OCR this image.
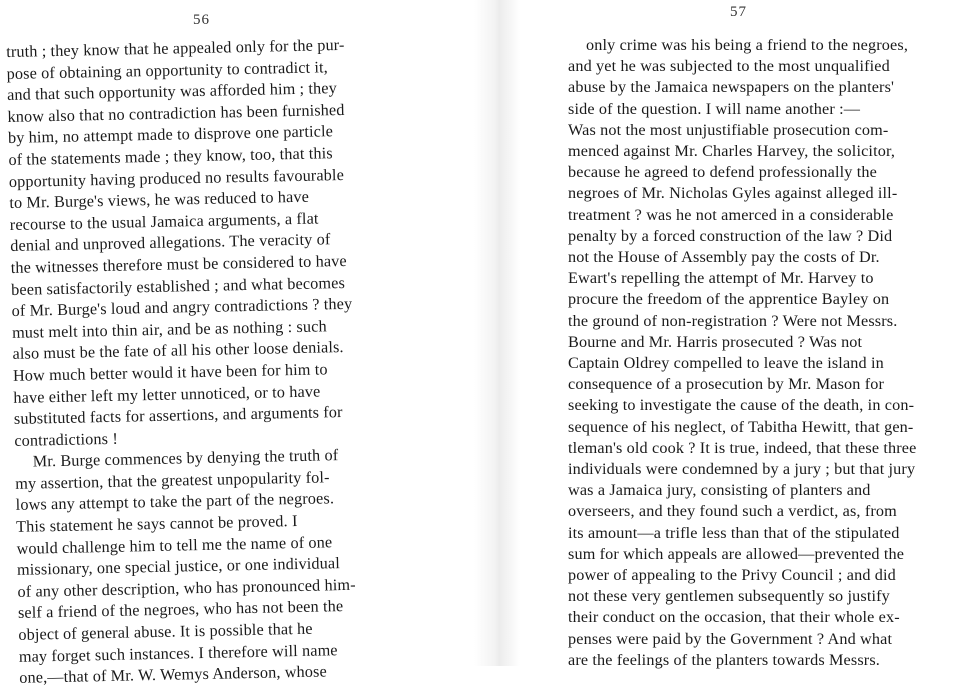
56
truth ; they know that he appealed only for the pur-
pose of obtaining an opportunity to contradict it,
and that such opportunity was afforded him ; they
know also that no contradiction has been furnished
by him, no attempt made to disprove one particle
of the statements made ; they know, too, that this
opportunity having produced no results favourable
to Mr. Burge's views, he was reduced to have
recourse to the usual Jamaica arguments, a flat
denial and unproved allegations. The veracity of
the witnesses therefore must be considered to have
been satisfactorily established ; and what becomes
of Mr. Burge's loud and angry contradictions ? they
must melt into thin air, and be as nothing : such
also must be the fate of all his other loose denials.
How much better would it have been for him to
have either left my letter unnoticed, or to have
substituted facts for assertions, and arguments for
contradictions !
Mr. Burge commences by denying the truth of
my assertion, that the greatest unpopularity fol-
lows any attempt to take the part of the negroes.
This statement he says cannot be proved. I
would challenge him to tell me the name of one
missionary, one special justice, or one individual
of any other description, who has pronounced him-
self a friend of the negroes, who has not been the
object of general abuse. It is possible that he
may forget such instances. I therefore will name
one,—that of Mr. W. Wemys Anderson, whose
57
only crime was his being a friend to the negroes,
and yet he was subjected to the most unqualified
abuse by the Jamaica newspapers on the planters'
side of the question. I will name another :—
Was not the most unjustifiable prosecution com-
menced against Mr. Charles Harvey, the solicitor,
because he agreed to defend professionally the
negroes of Mr. Nicholas Gyles against alleged ill-
treatment ? was he not amerced in a considerable
penalty by a forced construction of the law ? Did
not the House of Assembly pay the costs of Dr.
Ewart's repelling the attempt of Mr. Harvey to
procure the freedom of the apprentice Bayley on
the ground of non-registration ? Were not Messrs.
Bourne and Mr. Harris prosecuted ? Was not
Captain Oldrey compelled to leave the island in
consequence of a prosecution by Mr. Mason for
seeking to investigate the cause of the death, in con-
sequence of his neglect, of Tabitha Hewitt, that gen-
tleman's old cook ? It is true, indeed, that these three
individuals were condemned by a jury ; but that jury
was a Jamaica jury, consisting of planters and
overseers, and they found such a verdict, as, from
its amount—a trifle less than that of the stipulated
sum for which appeals are allowed—prevented the
power of appealing to the Privy Council ; and did
not these very gentlemen subsequently so justify
their conduct on the occasion, that their whole ex-
penses were paid by the Government ? And what
are the feelings of the planters towards Messrs.
